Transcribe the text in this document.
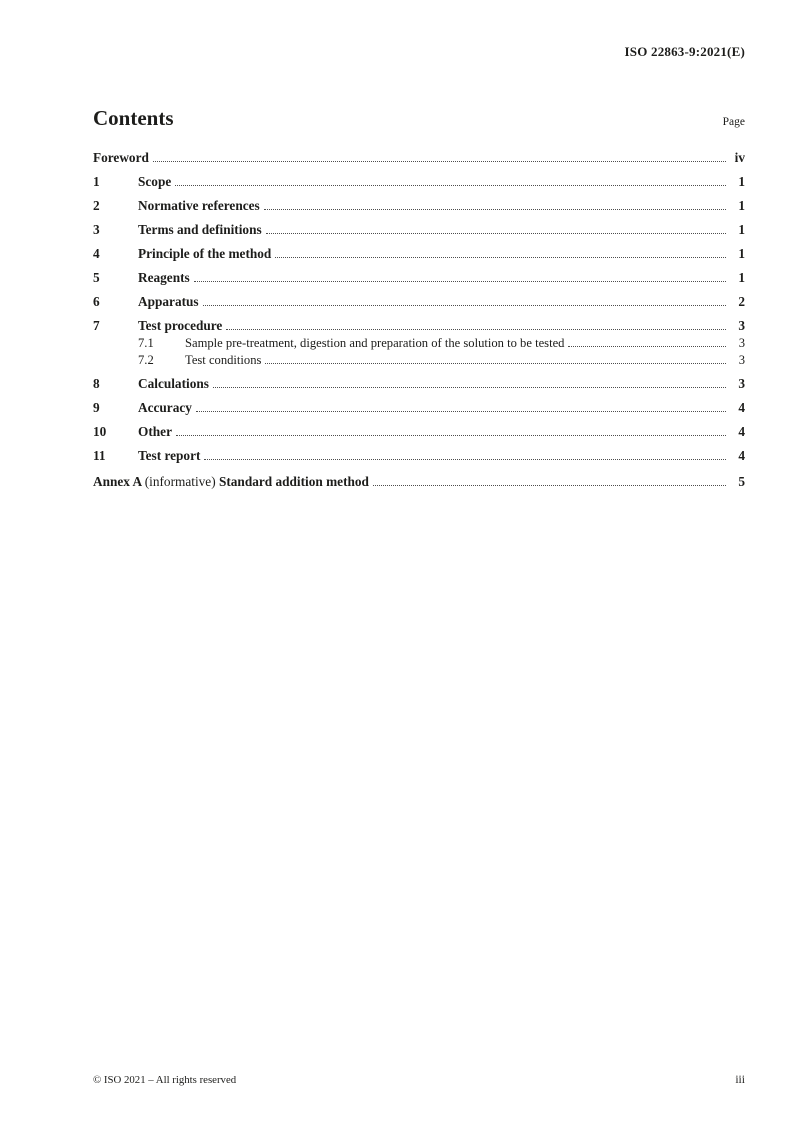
ISO 22863-9:2021(E)
Contents	Page
Foreword	iv
1	Scope	1
2	Normative references	1
3	Terms and definitions	1
4	Principle of the method	1
5	Reagents	1
6	Apparatus	2
7	Test procedure	3
7.1	Sample pre-treatment, digestion and preparation of the solution to be tested	3
7.2	Test conditions	3
8	Calculations	3
9	Accuracy	4
10	Other	4
11	Test report	4
Annex A (informative) Standard addition method	5
© ISO 2021 – All rights reserved	iii
